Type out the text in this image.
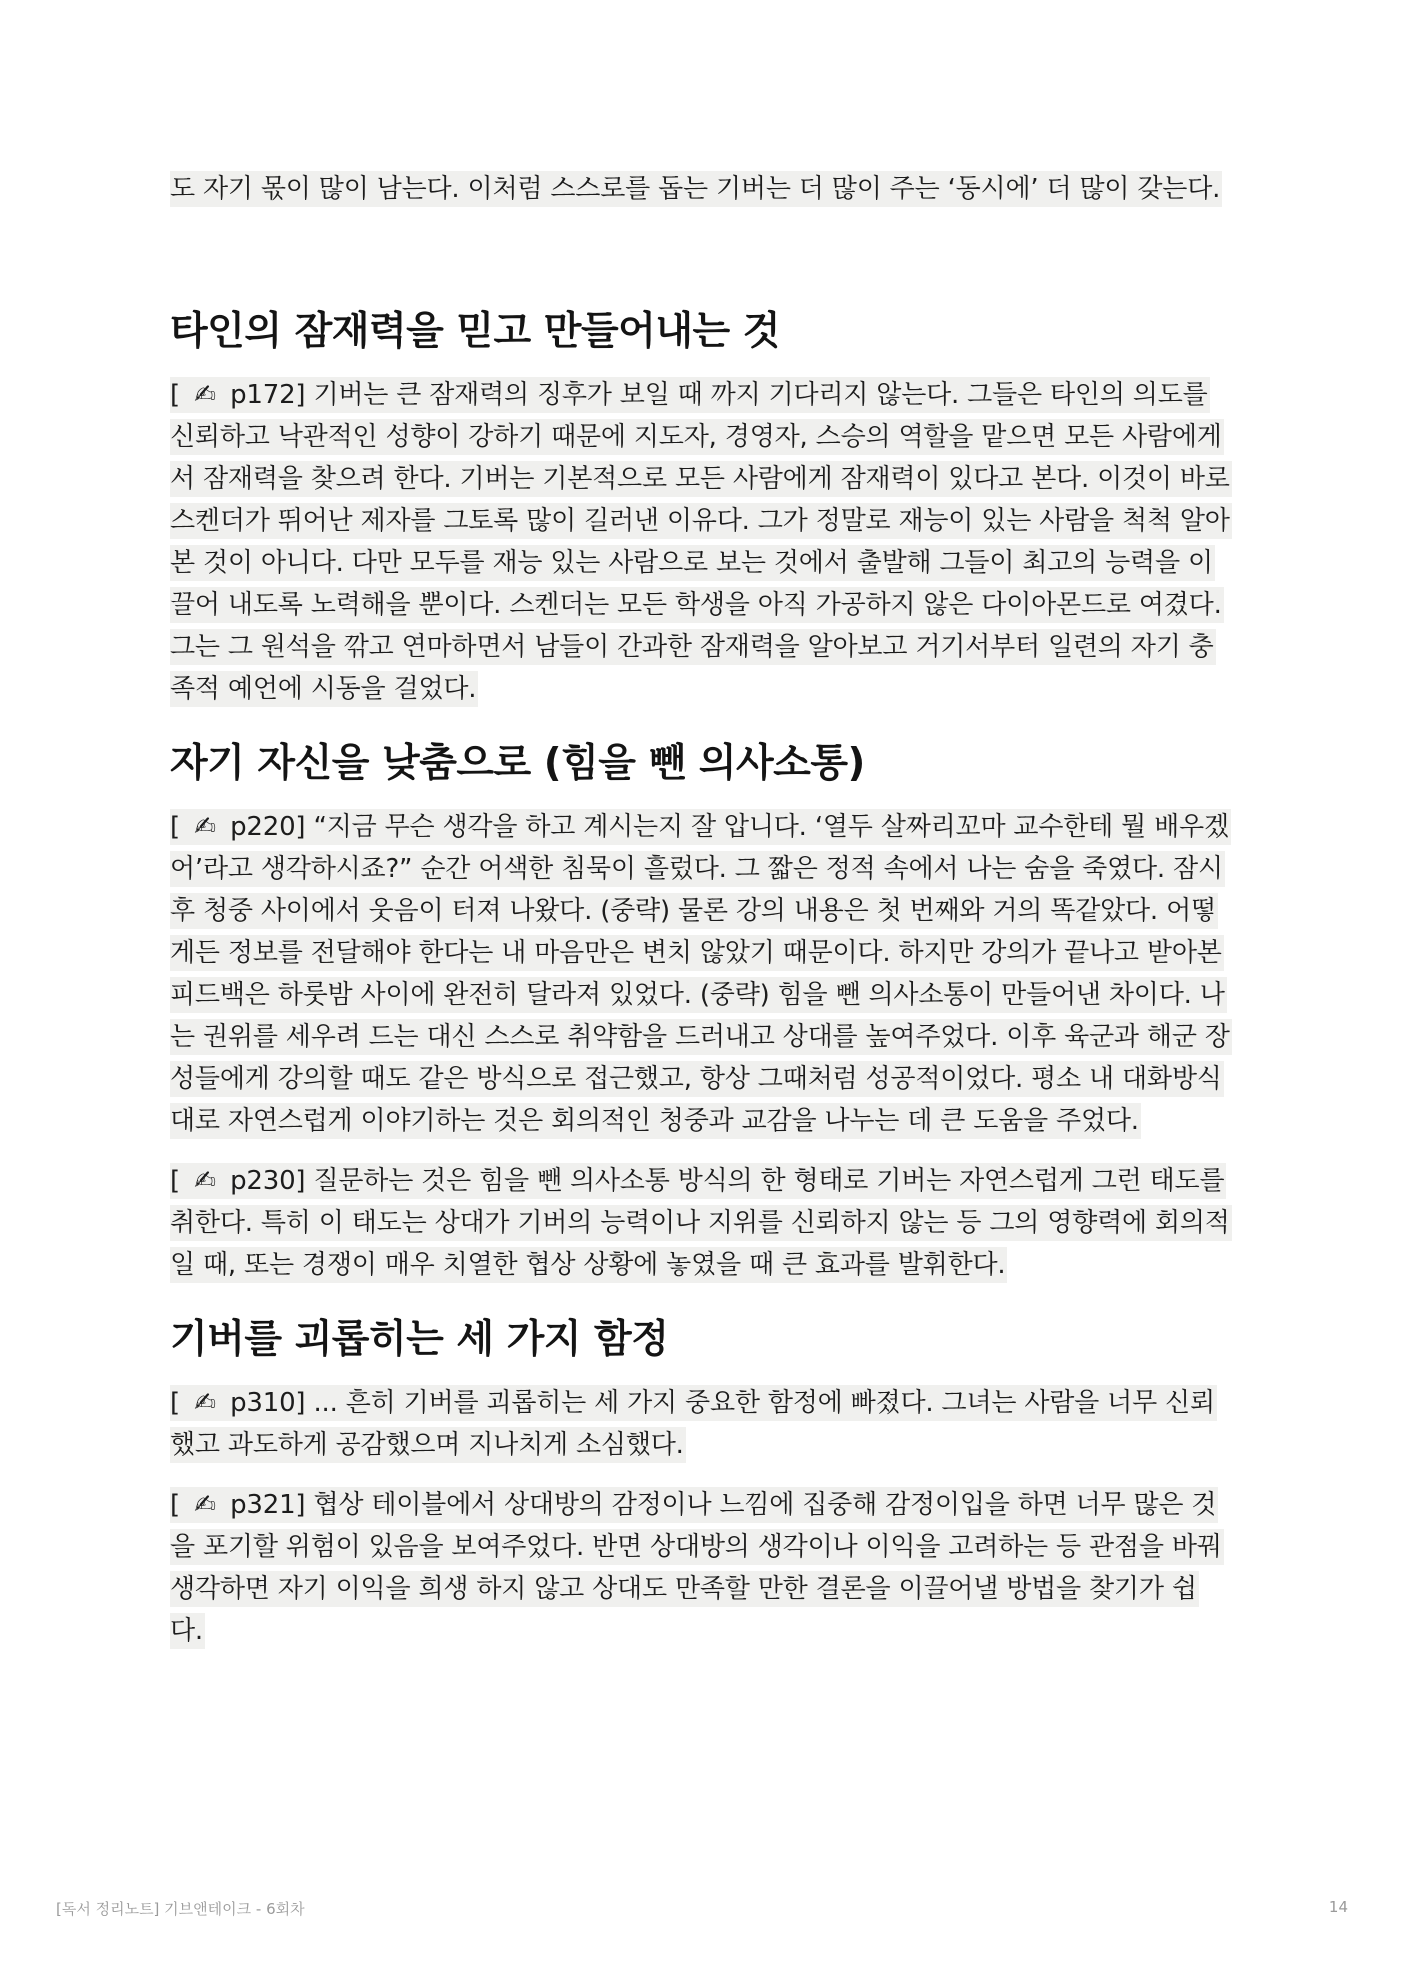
도 자기 몫이 많이 남는다. 이처럼 스스로를 돕는 기버는 더 많이 주는 ‘동시에’ 더 많이 갖는다.

타인의 잠재력을 믿고 만들어내는 것

[ ✍ p172] 기버는 큰 잠재력의 징후가 보일 때 까지 기다리지 않는다. 그들은 타인의 의도를 신뢰하고 낙관적인 성향이 강하기 때문에 지도자, 경영자, 스승의 역할을 맡으면 모든 사람에게서 잠재력을 찾으려 한다. 기버는 기본적으로 모든 사람에게 잠재력이 있다고 본다. 이것이 바로 스켄더가 뛰어난 제자를 그토록 많이 길러낸 이유다. 그가 정말로 재능이 있는 사람을 척척 알아본 것이 아니다. 다만 모두를 재능 있는 사람으로 보는 것에서 출발해 그들이 최고의 능력을 이끌어 내도록 노력해을 뿐이다. 스켄더는 모든 학생을 아직 가공하지 않은 다이아몬드로 여겼다. 그는 그 원석을 깎고 연마하면서 남들이 간과한 잠재력을 알아보고 거기서부터 일련의 자기 충족적 예언에 시동을 걸었다.

자기 자신을 낮춤으로 (힘을 뺀 의사소통)

[ ✍ p220] “지금 무슨 생각을 하고 계시는지 잘 압니다. ‘열두 살짜리꼬마 교수한테 뭘 배우겠어’라고 생각하시죠?” 순간 어색한 침묵이 흘렀다. 그 짧은 정적 속에서 나는 숨을 죽였다. 잠시 후 청중 사이에서 웃음이 터져 나왔다. (중략) 물론 강의 내용은 첫 번째와 거의 똑같았다. 어떻게든 정보를 전달해야 한다는 내 마음만은 변치 않았기 때문이다. 하지만 강의가 끝나고 받아본 피드백은 하룻밤 사이에 완전히 달라져 있었다. (중략) 힘을 뺀 의사소통이 만들어낸 차이다. 나는 권위를 세우려 드는 대신 스스로 취약함을 드러내고 상대를 높여주었다. 이후 육군과 해군 장성들에게 강의할 때도 같은 방식으로 접근했고, 항상 그때처럼 성공적이었다. 평소 내 대화방식대로 자연스럽게 이야기하는 것은 회의적인 청중과 교감을 나누는 데 큰 도움을 주었다.

[ ✍ p230] 질문하는 것은 힘을 뺀 의사소통 방식의 한 형태로 기버는 자연스럽게 그런 태도를 취한다. 특히 이 태도는 상대가 기버의 능력이나 지위를 신뢰하지 않는 등 그의 영향력에 회의적일 때, 또는 경쟁이 매우 치열한 협상 상황에 놓였을 때 큰 효과를 발휘한다.

기버를 괴롭히는 세 가지 함정

[ ✍ p310] ... 흔히 기버를 괴롭히는 세 가지 중요한 함정에 빠졌다. 그녀는 사람을 너무 신뢰했고 과도하게 공감했으며 지나치게 소심했다.

[ ✍ p321] 협상 테이블에서 상대방의 감정이나 느낌에 집중해 감정이입을 하면 너무 많은 것을 포기할 위험이 있음을 보여주었다. 반면 상대방의 생각이나 이익을 고려하는 등 관점을 바꿔 생각하면 자기 이익을 희생 하지 않고 상대도 만족할 만한 결론을 이끌어낼 방법을 찾기가 쉽다.

[독서 정리노트] 기브앤테이크 - 6회차	14
